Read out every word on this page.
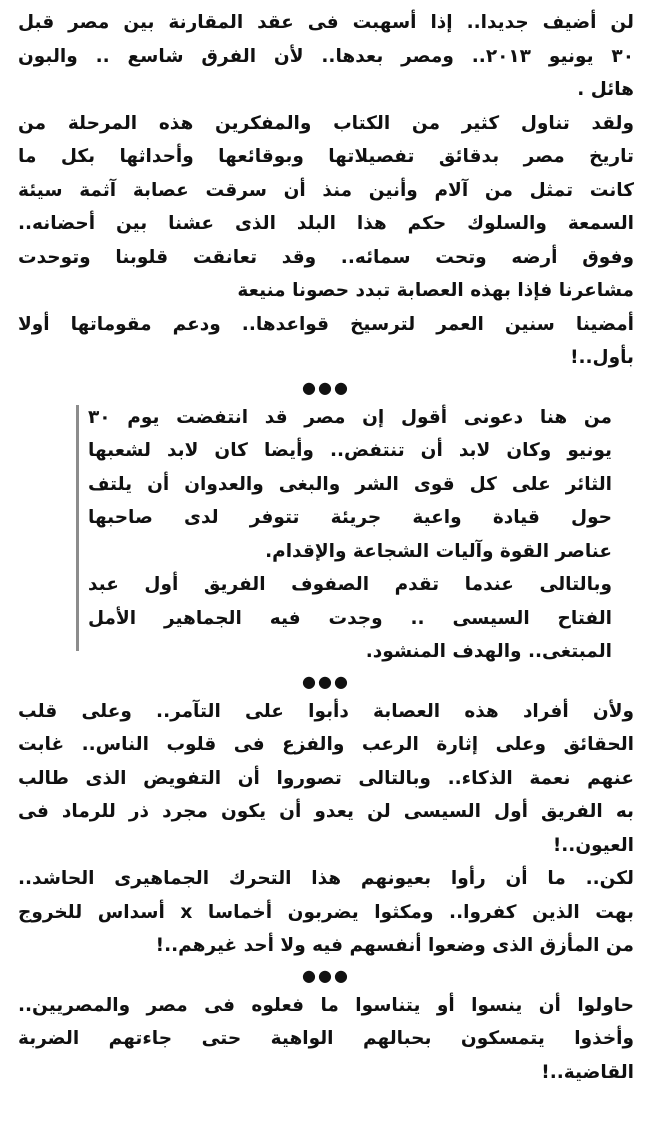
لن أضيف جديدا.. إذا أسهبت فى عقد المقارنة بين مصر قبل
٣٠ يونيو ٢٠١٣.. ومصر بعدها.. لأن الفرق شاسع .. والبون
هائل .
ولقد تناول كثير من الكتاب والمفكرين هذه المرحلة من
تاريخ مصر بدقائق تفصيلاتها وبوقائعها وأحداثها بكل ما
كانت تمثل من آلام وأنين منذ أن سرقت عصابة آثمة سيئة
السمعة والسلوك حكم هذا البلد الذى عشنا بين أحضانه..
وفوق أرضه وتحت سمائه.. وقد تعانقت قلوبنا وتوحدت
مشاعرنا فإذا بهذه العصابة تبدد حصونا منيعة
أمضينا سنين العمر لترسيخ قواعدها.. ودعم مقوماتها أولا
بأول..!
●●●
من هنا دعونى أقول إن مصر قد انتفضت يوم ٣٠
يونيو وكان لابد أن تنتفض.. وأيضا كان لابد لشعبها
الثائر على كل قوى الشر والبغى والعدوان أن يلتف
حول قيادة واعية جريئة تتوفر لدى صاحبها
عناصر القوة وآليات الشجاعة والإقدام.
وبالتالى عندما تقدم الصفوف الفريق أول عبد
الفتاح السيسى .. وجدت فيه الجماهير الأمل
المبتغى.. والهدف المنشود.
●●●
ولأن أفراد هذه العصابة دأبوا على التآمر.. وعلى قلب
الحقائق وعلى إثارة الرعب والفزع فى قلوب الناس.. غابت
عنهم نعمة الذكاء.. وبالتالى تصوروا أن التفويض الذى طالب
به الفريق أول السيسى لن يعدو أن يكون مجرد ذر للرماد فى
العيون..!
لكن.. ما أن رأوا بعيونهم هذا التحرك الجماهيرى الحاشد..
بهت الذين كفروا.. ومكثوا يضربون أخماسا x أسداس للخروج
من المأزق الذى وضعوا أنفسهم فيه ولا أحد غيرهم..!
●●●
حاولوا أن ينسوا أو يتناسوا ما فعلوه فى مصر والمصريين..
وأخذوا يتمسكون بحبالهم الواهية حتى جاءتهم الضربة
القاضية..!
